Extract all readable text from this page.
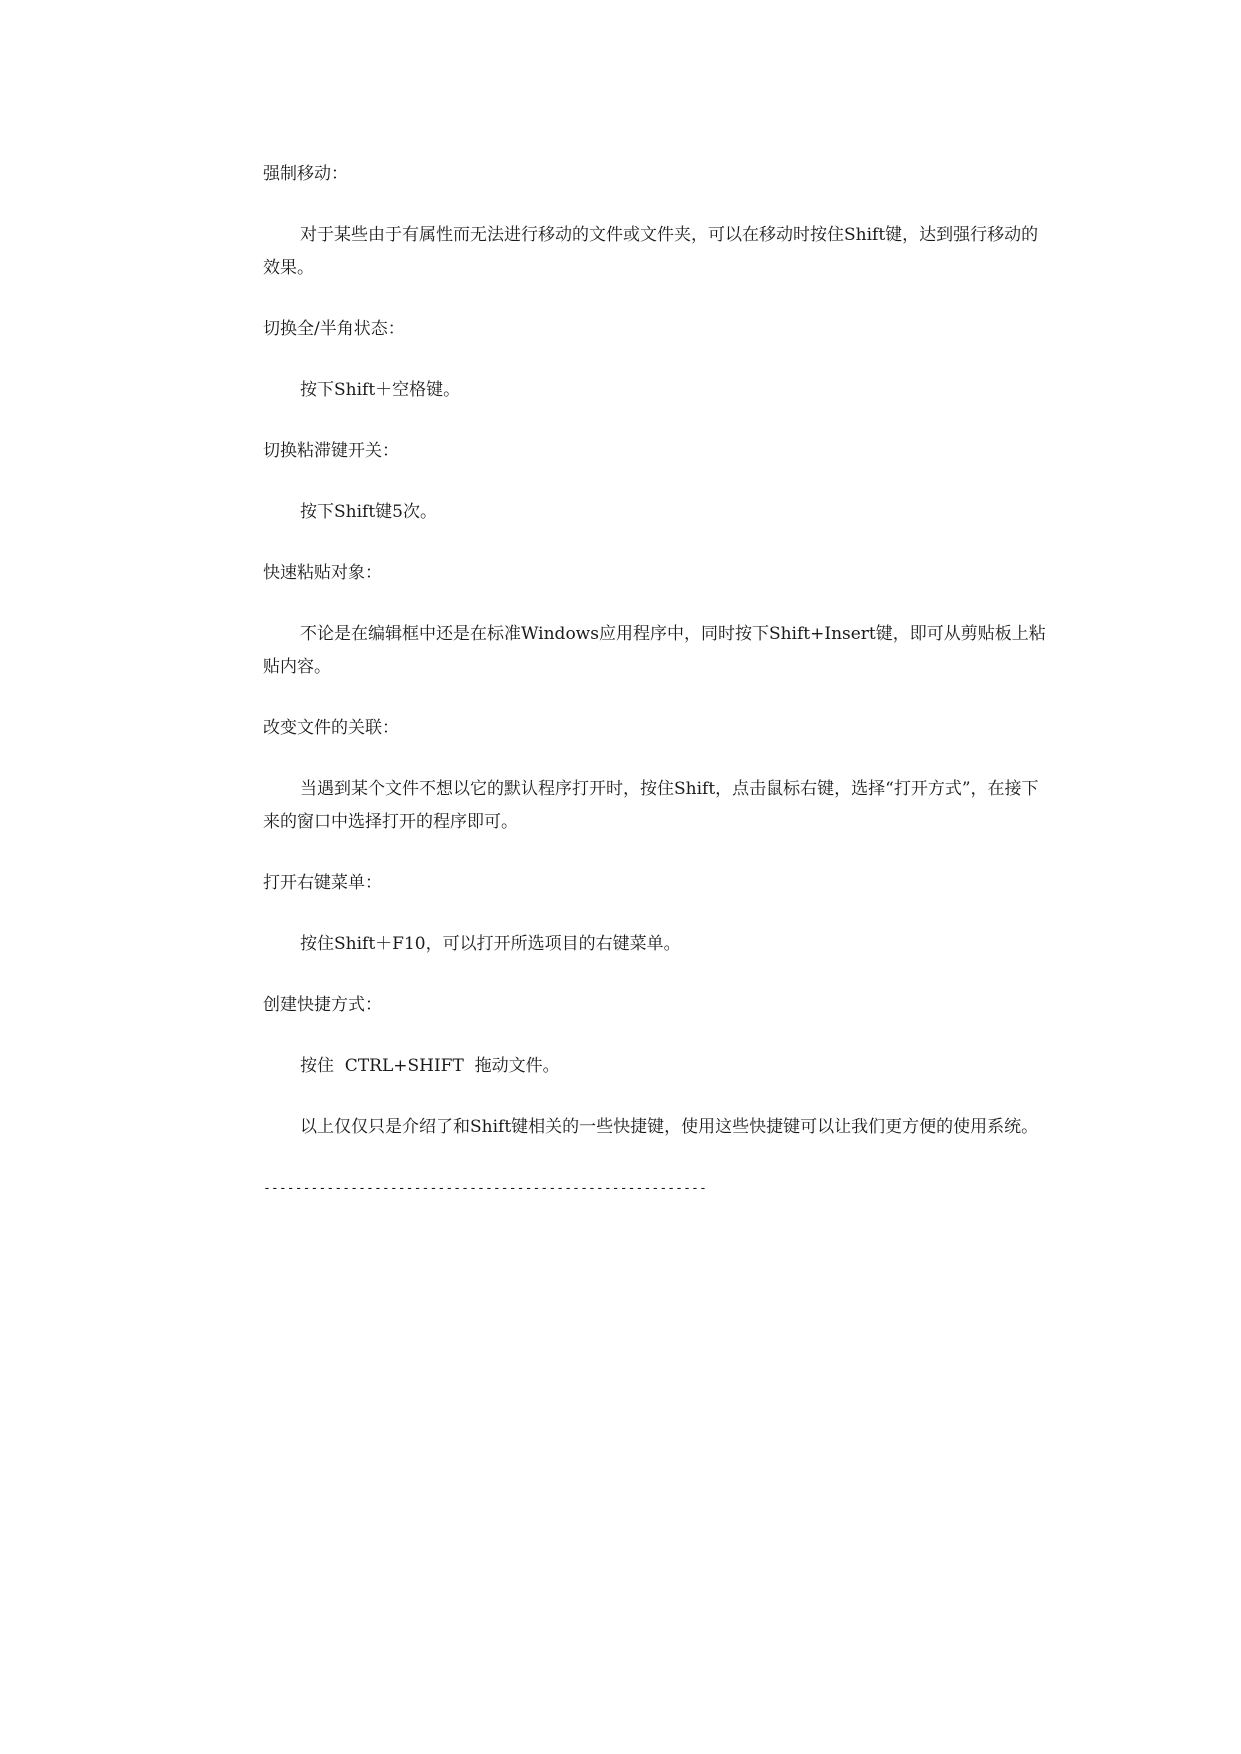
强制移动：
对于某些由于有属性而无法进行移动的文件或文件夹，可以在移动时按住Shift键，达到强行移动的效果。
切换全/半角状态：
按下Shift＋空格键。
切换粘滞键开关：
按下Shift键5次。
快速粘贴对象：
不论是在编辑框中还是在标准Windows应用程序中，同时按下Shift+Insert键，即可从剪贴板上粘贴内容。
改变文件的关联：
当遇到某个文件不想以它的默认程序打开时，按住Shift，点击鼠标右键，选择“打开方式”，在接下来的窗口中选择打开的程序即可。
打开右键菜单：
按住Shift＋F10，可以打开所选项目的右键菜单。
创建快捷方式：
按住  CTRL+SHIFT  拖动文件。
以上仅仅只是介绍了和Shift键相关的一些快捷键，使用这些快捷键可以让我们更方便的使用系统。
--------------------------------------------------------
